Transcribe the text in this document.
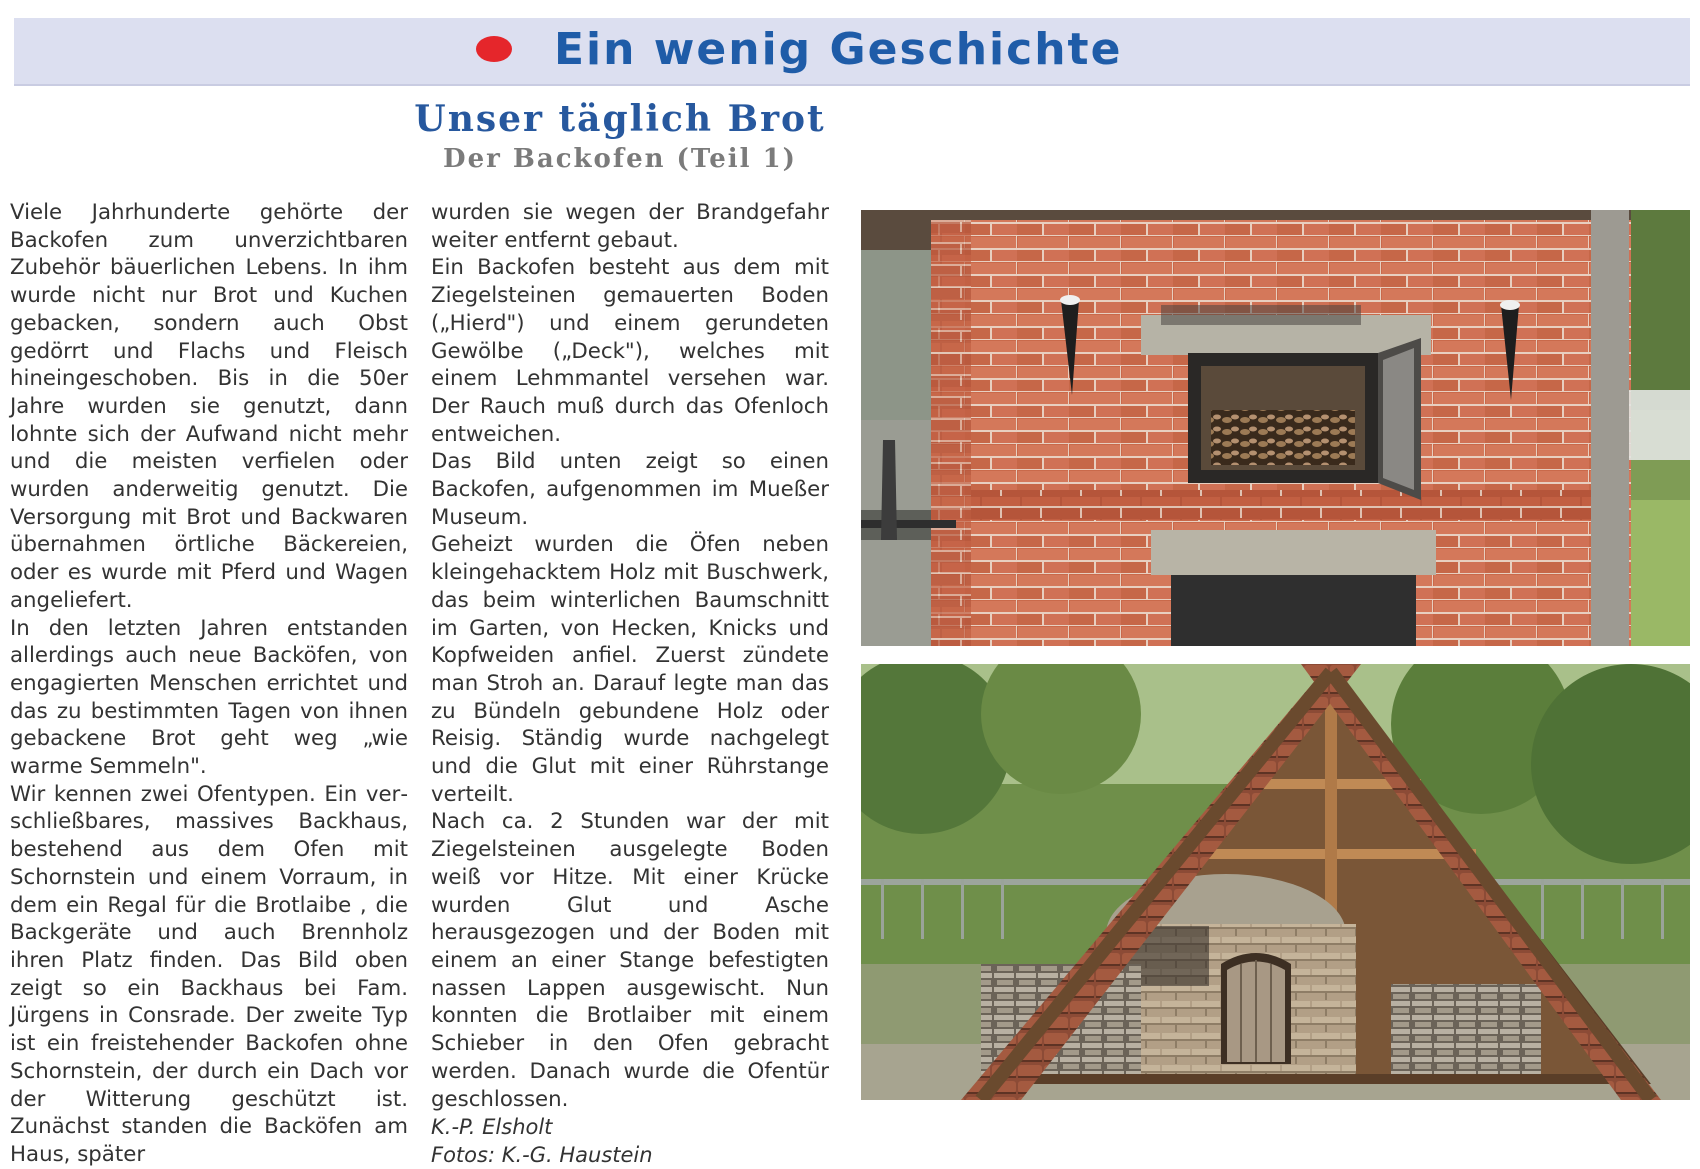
Ein wenig Geschichte
Unser täglich Brot
Der Backofen (Teil 1)

Viele Jahrhunderte gehörte der Backofen zum unverzichtbaren Zubehör bäuerlichen Lebens. In ihm wurde nicht nur Brot und Kuchen gebacken, sondern auch Obst gedörrt und Flachs und Fleisch hineingeschoben. Bis in die 50er Jahre wurden sie genutzt, dann lohnte sich der Aufwand nicht mehr und die meisten verfielen oder wurden anderweitig genutzt. Die Versorgung mit Brot und Backwaren übernahmen örtliche Bäckereien, oder es wurde mit Pferd und Wagen angeliefert.

In den letzten Jahren entstanden allerdings auch neue Backöfen, von engagierten Menschen errichtet und das zu bestimmten Tagen von ihnen gebackene Brot geht weg „wie warme Semmeln".

Wir kennen zwei Ofentypen. Ein verschließbares, massives Backhaus, bestehend aus dem Ofen mit Schornstein und einem Vorraum, in dem ein Regal für die Brotlaibe , die Backgeräte und auch Brennholz ihren Platz finden. Das Bild oben zeigt so ein Backhaus bei Fam. Jürgens in Consrade. Der zweite Typ ist ein freistehender Backofen ohne Schornstein, der durch ein Dach vor der Witterung geschützt ist. Zunächst standen die Backöfen am Haus, später

wurden sie wegen der Brandgefahr weiter entfernt gebaut.

Ein Backofen besteht aus dem mit Ziegelsteinen gemauerten Boden („Hierd") und einem gerundeten Gewölbe („Deck"), welches mit einem Lehmmantel versehen war. Der Rauch muß durch das Ofenloch entweichen.

Das Bild unten zeigt so einen Backofen, aufgenommen im Mueßer Museum.

Geheizt wurden die Öfen neben kleingehacktem Holz mit Buschwerk, das beim winterlichen Baumschnitt im Garten, von Hecken, Knicks und Kopfweiden anfiel. Zuerst zündete man Stroh an. Darauf legte man das zu Bündeln gebundene Holz oder Reisig. Ständig wurde nachgelegt und die Glut mit einer Rührstange verteilt.

Nach ca. 2 Stunden war der mit Ziegelsteinen ausgelegte Boden weiß vor Hitze. Mit einer Krücke wurden Glut und Asche herausgezogen und der Boden mit einem an einer Stange befestigten nassen Lappen ausgewischt. Nun konnten die Brotlaiber mit einem Schieber in den Ofen gebracht werden. Danach wurde die Ofentür geschlossen.

K.-P. Elsholt

Fotos: K.-G. Haustein
